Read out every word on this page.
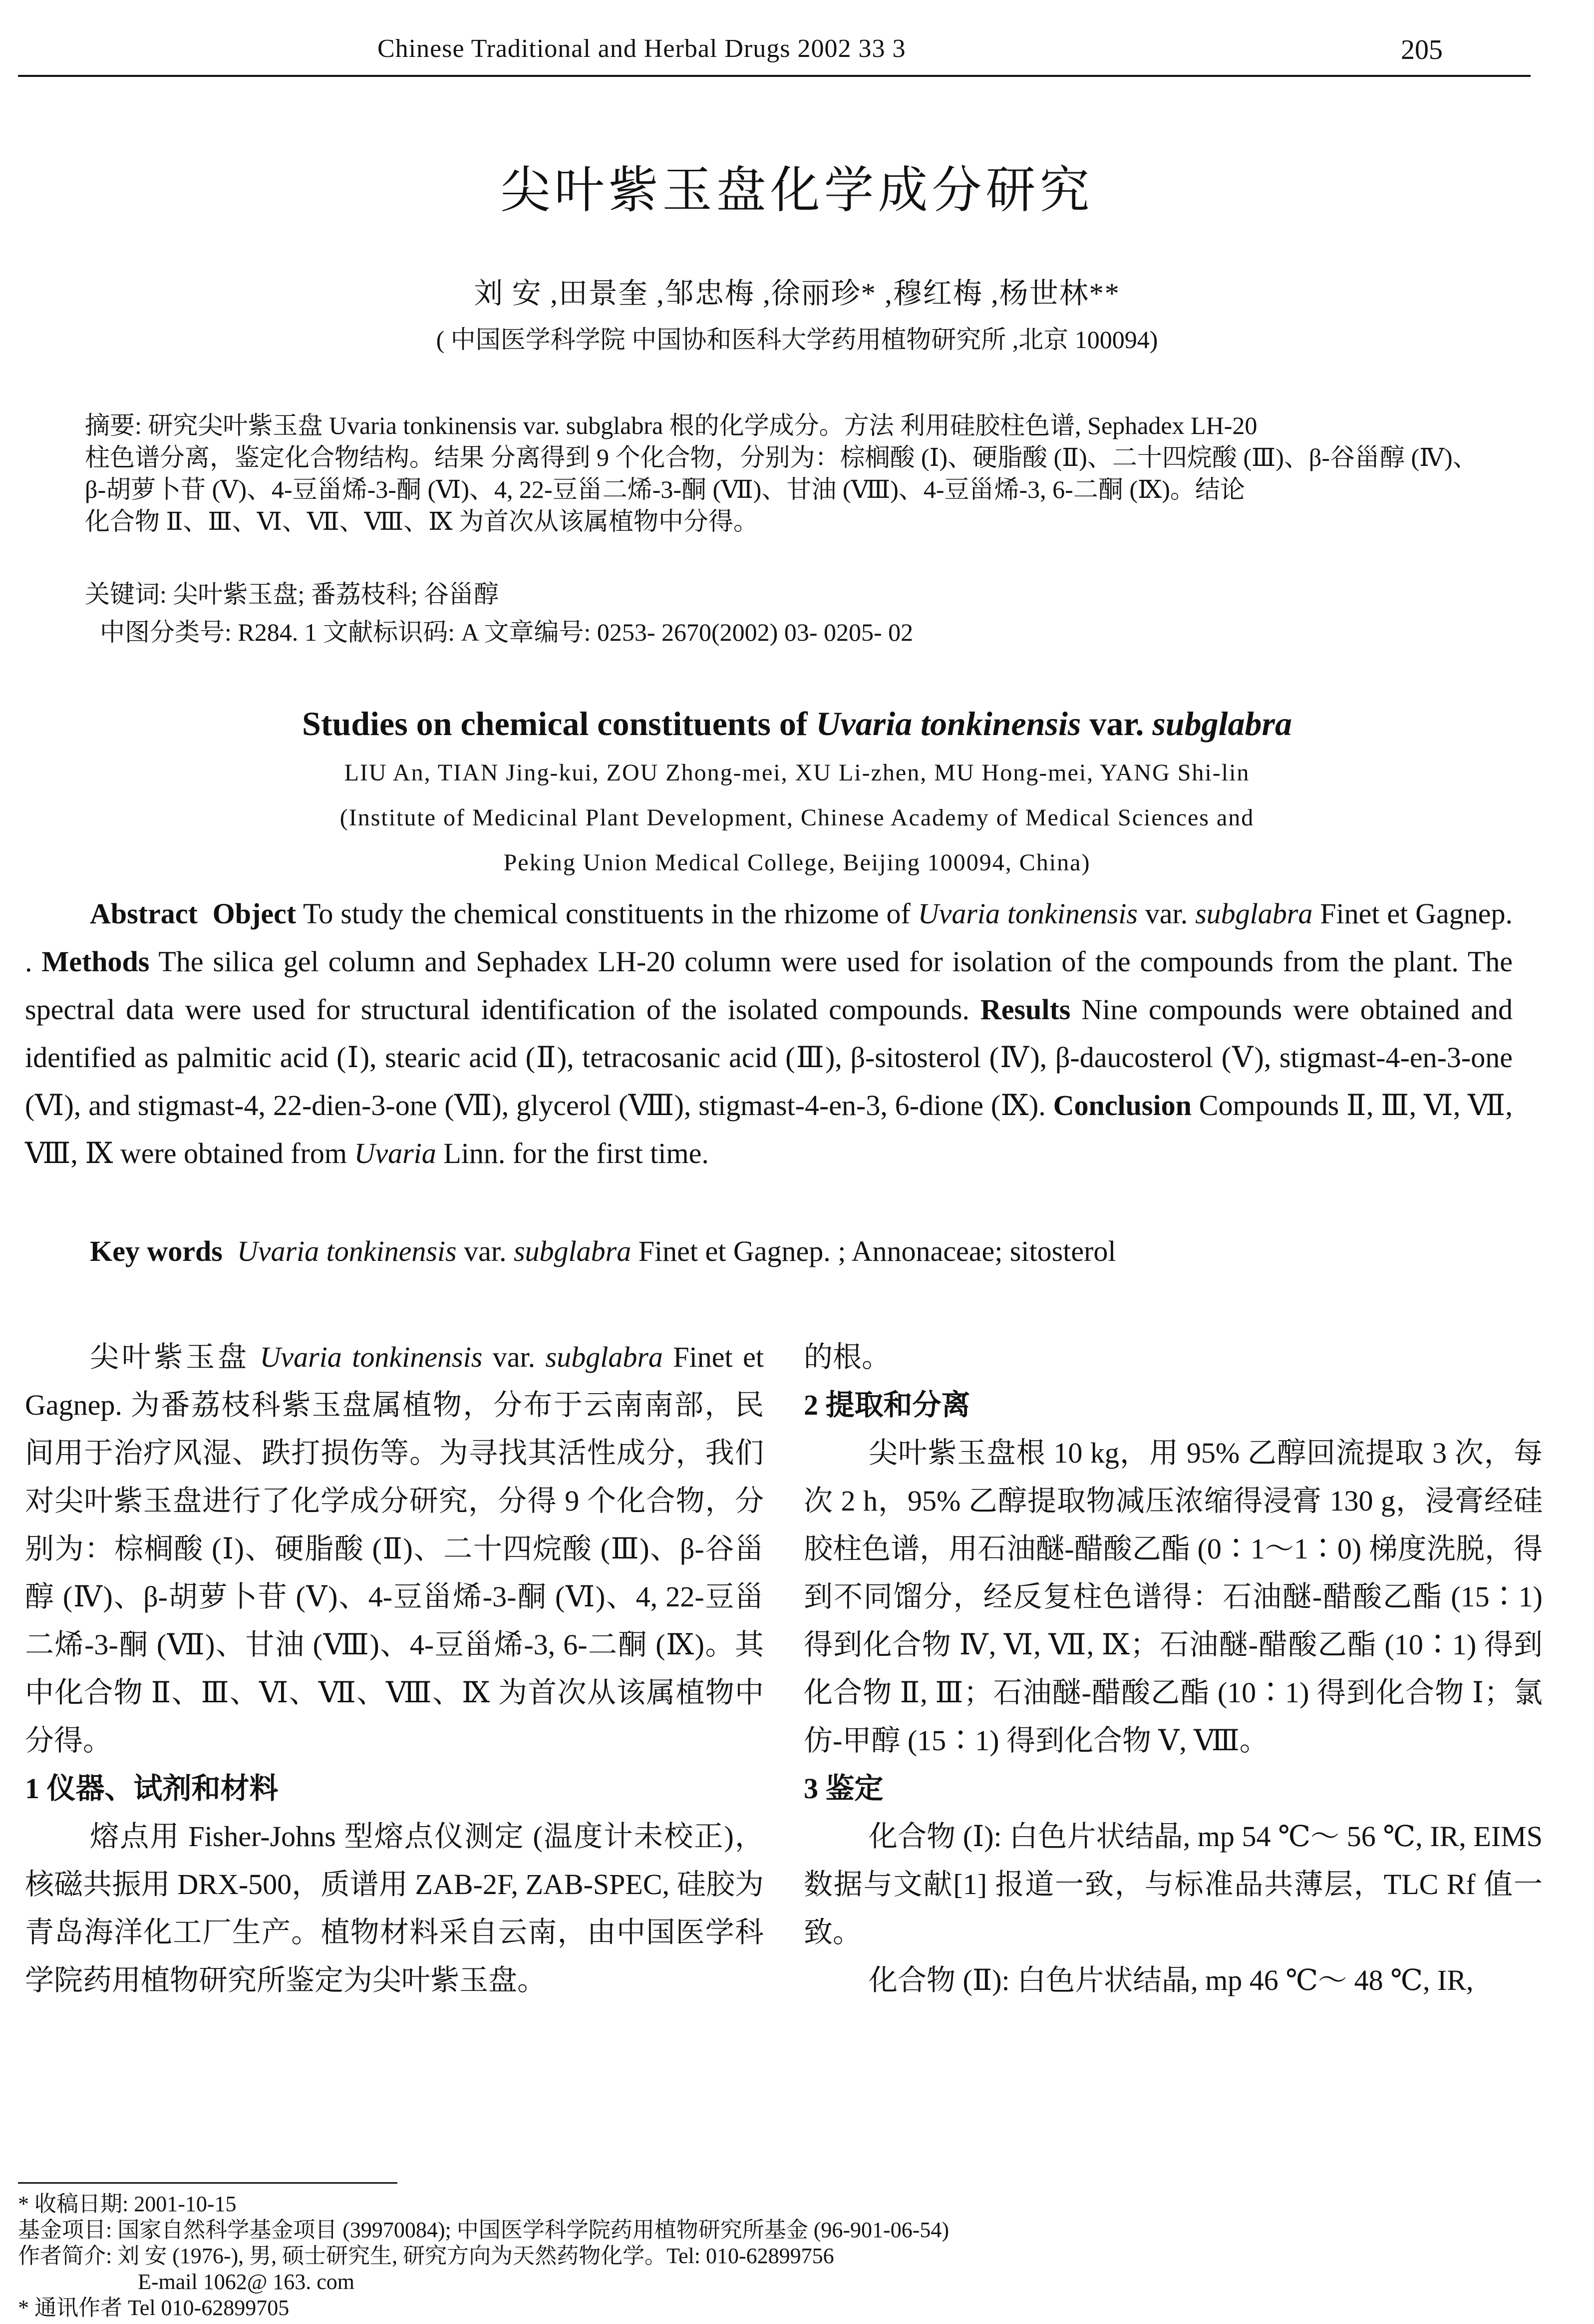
Chinese Traditional and Herbal Drugs 2002 33 3	205
尖叶紫玉盘化学成分研究
刘 安 ,田景奎 ,邹忠梅 ,徐丽珍* ,穆红梅 ,杨世林**
( 中国医学科学院 中国协和医科大学药用植物研究所 ,北京 100094)

摘要: 研究尖叶紫玉盘 Uvaria tonkinensis var. subglabra 根的化学成分。方法 利用硅胶柱色谱, Sephadex LH-20

柱色谱分离，鉴定化合物结构。结果 分离得到 9 个化合物，分别为：棕榈酸 (Ⅰ)、硬脂酸 (Ⅱ)、二十四烷酸 (Ⅲ)、β-谷甾醇 (Ⅳ)、

β-胡萝卜苷 (Ⅴ)、4-豆甾烯-3-酮 (Ⅵ)、4, 22-豆甾二烯-3-酮 (Ⅶ)、甘油 (Ⅷ)、4-豆甾烯-3, 6-二酮 (Ⅸ)。结论

化合物 Ⅱ、Ⅲ、Ⅵ、Ⅶ、Ⅷ、Ⅸ 为首次从该属植物中分得。

关键词: 尖叶紫玉盘; 番荔枝科; 谷甾醇
中图分类号: R284. 1 文献标识码: A 文章编号: 0253- 2670(2002) 03- 0205- 02
Studies on chemical constituents of Uvaria tonkinensis var. subglabra
LIU An, TIAN Jing-kui, ZOU Zhong-mei, XU Li-zhen, MU Hong-mei, YANG Shi-lin
(Institute of Medicinal Plant Development, Chinese Academy of Medical Sciences and
Peking Union Medical College, Beijing 100094, China)
Abstract Object To study the chemical constituents in the rhizome of Uvaria tonkinensis var. subglabra Finet et Gagnep. . Methods The silica gel column and Sephadex LH-20 column were used for isolation of the compounds from the plant. The spectral data were used for structural identification of the isolated compounds. Results Nine compounds were obtained and identified as palmitic acid (Ⅰ), stearic acid (Ⅱ), tetracosanic acid (Ⅲ), β-sitosterol (Ⅳ), β-daucosterol (Ⅴ), stigmast-4-en-3-one (Ⅵ), and stigmast-4, 22-dien-3-one (Ⅶ), glycerol (Ⅷ), stigmast-4-en-3, 6-dione (Ⅸ). Conclusion Compounds Ⅱ, Ⅲ, Ⅵ, Ⅶ, Ⅷ, Ⅸ were obtained from Uvaria Linn. for the first time.
Key words Uvaria tonkinensis var. subglabra Finet et Gagnep. ; Annonaceae; sitosterol

尖叶紫玉盘 Uvaria tonkinensis var. subglabra Finet et Gagnep. 为番荔枝科紫玉盘属植物，分布于云南南部，民间用于治疗风湿、跌打损伤等。为寻找其活性成分，我们对尖叶紫玉盘进行了化学成分研究，分得 9 个化合物，分别为：棕榈酸 (Ⅰ)、硬脂酸 (Ⅱ)、二十四烷酸 (Ⅲ)、β-谷甾醇 (Ⅳ)、β-胡萝卜苷 (Ⅴ)、4-豆甾烯-3-酮 (Ⅵ)、4, 22-豆甾二烯-3-酮 (Ⅶ)、甘油 (Ⅷ)、4-豆甾烯-3, 6-二酮 (Ⅸ)。其中化合物 Ⅱ、Ⅲ、Ⅵ、Ⅶ、Ⅷ、Ⅸ 为首次从该属植物中分得。

1 仪器、试剂和材料

熔点用 Fisher-Johns 型熔点仪测定 (温度计未校正)，核磁共振用 DRX-500，质谱用 ZAB-2F, ZAB-SPEC, 硅胶为青岛海洋化工厂生产。植物材料采自云南，由中国医学科学院药用植物研究所鉴定为尖叶紫玉盘。

的根。

2 提取和分离

尖叶紫玉盘根 10 kg，用 95% 乙醇回流提取 3 次，每次 2 h，95% 乙醇提取物减压浓缩得浸膏 130 g，浸膏经硅胶柱色谱，用石油醚-醋酸乙酯 (0∶1～1∶0) 梯度洗脱，得到不同馏分，经反复柱色谱得：石油醚-醋酸乙酯 (15∶1) 得到化合物 Ⅳ, Ⅵ, Ⅶ, Ⅸ；石油醚-醋酸乙酯 (10∶1) 得到化合物 Ⅱ, Ⅲ；石油醚-醋酸乙酯 (10∶1) 得到化合物 Ⅰ；氯仿-甲醇 (15∶1) 得到化合物 Ⅴ, Ⅷ。

3 鉴定

化合物 (Ⅰ): 白色片状结晶, mp 54 ℃～ 56 ℃, IR, EIMS 数据与文献[1] 报道一致，与标准品共薄层，TLC Rf 值一致。

化合物 (Ⅱ): 白色片状结晶, mp 46 ℃～ 48 ℃, IR,

* 收稿日期: 2001-10-15
基金项目: 国家自然科学基金项目 (39970084); 中国医学科学院药用植物研究所基金 (96-901-06-54)
作者简介: 刘 安 (1976-), 男, 硕士研究生, 研究方向为天然药物化学。Tel: 010-62899756
E-mail 1062@ 163. com
* 通讯作者 Tel 010-62899705
